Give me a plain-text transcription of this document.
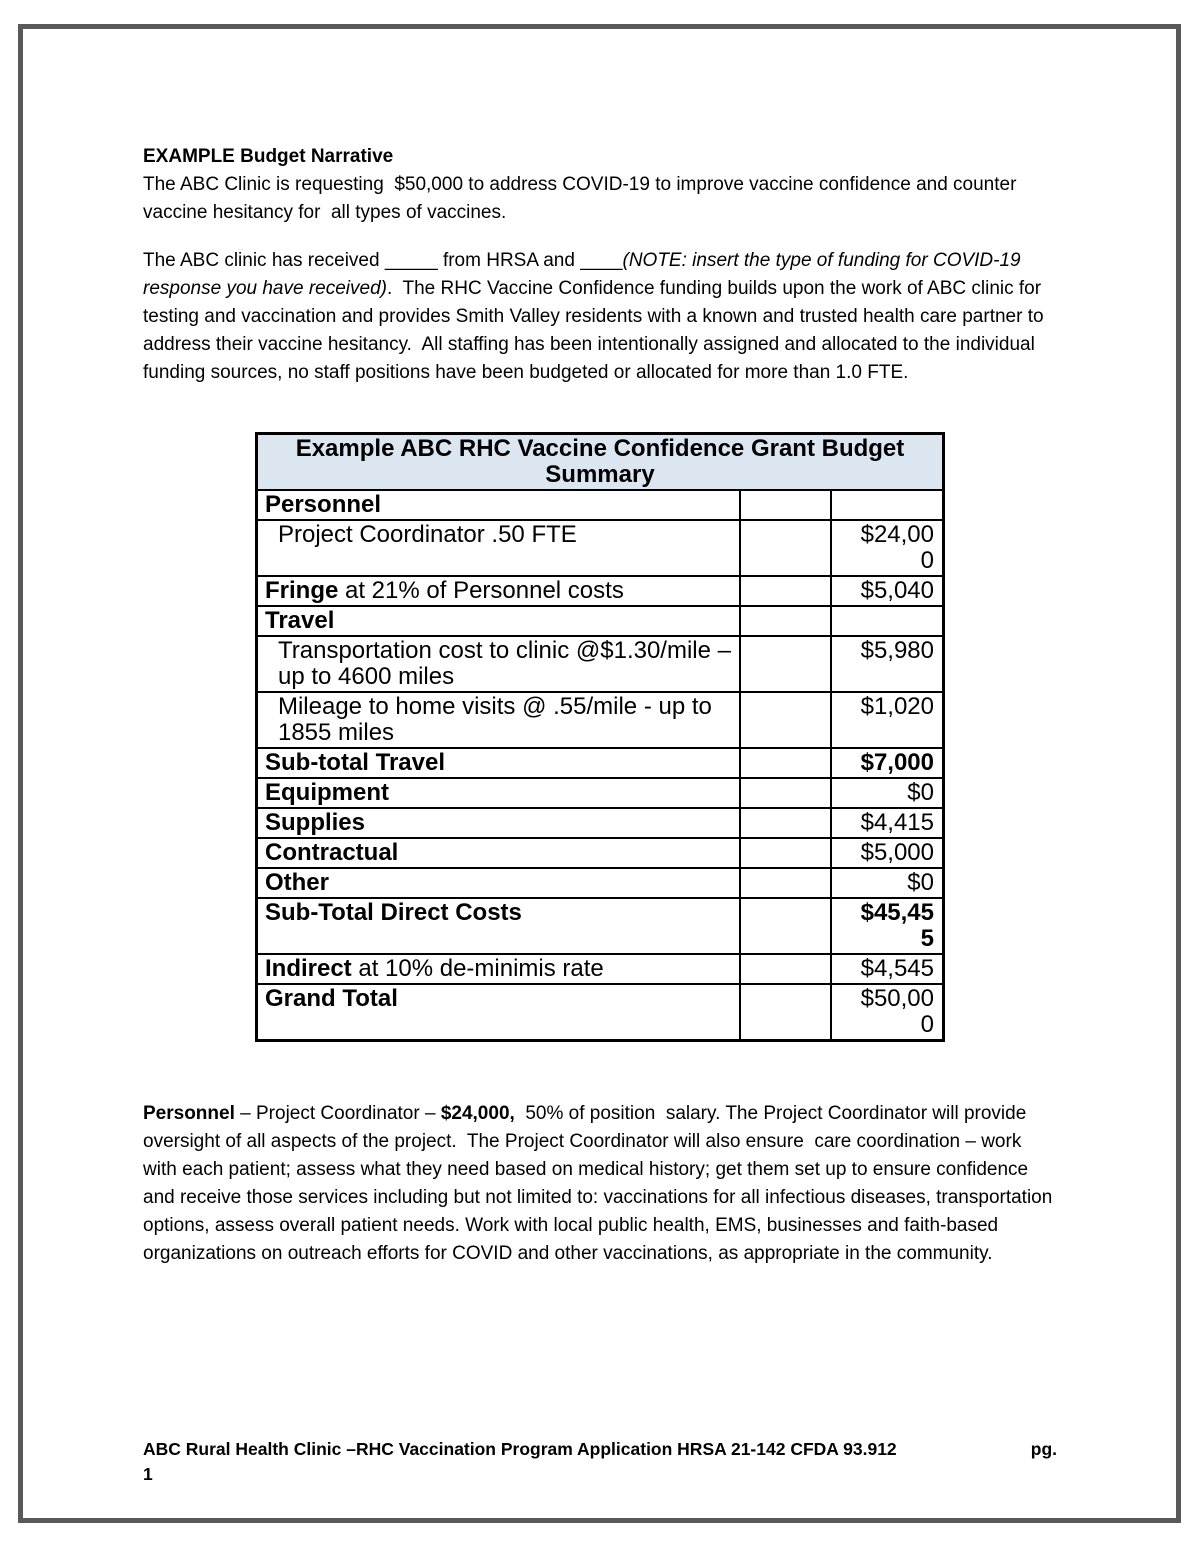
EXAMPLE Budget Narrative

The ABC Clinic is requesting  $50,000 to address COVID-19 to improve vaccine confidence and counter vaccine hesitancy for  all types of vaccines.

The ABC clinic has received _____ from HRSA and ____(NOTE: insert the type of funding for COVID-19 response you have received).  The RHC Vaccine Confidence funding builds upon the work of ABC clinic for testing and vaccination and provides Smith Valley residents with a known and trusted health care partner to address their vaccine hesitancy.  All staffing has been intentionally assigned and allocated to the individual funding sources, no staff positions have been budgeted or allocated for more than 1.0 FTE.

Example ABC RHC Vaccine Confidence Grant Budget Summary		
Personnel		
Project Coordinator .50 FTE		$24,000
Fringe at 21% of Personnel costs		$5,040
Travel		
Transportation cost to clinic @$1.30/mile – up to 4600 miles		$5,980
Mileage to home visits @ .55/mile - up to 1855 miles		$1,020
Sub-total Travel		$7,000
Equipment		$0
Supplies		$4,415
Contractual		$5,000
Other		$0
Sub-Total Direct Costs		$45,455
Indirect at 10% de-minimis rate		$4,545
Grand Total		$50,000

Personnel – Project Coordinator – $24,000,  50% of position  salary. The Project Coordinator will provide oversight of all aspects of the project.  The Project Coordinator will also ensure  care coordination – work with each patient; assess what they need based on medical history; get them set up to ensure confidence and receive those services including but not limited to: vaccinations for all infectious diseases, transportation options, assess overall patient needs. Work with local public health, EMS, businesses and faith-based organizations on outreach efforts for COVID and other vaccinations, as appropriate in the community.

ABC Rural Health Clinic –RHC Vaccination Program Application HRSA 21-142 CFDA 93.912	pg.
1
